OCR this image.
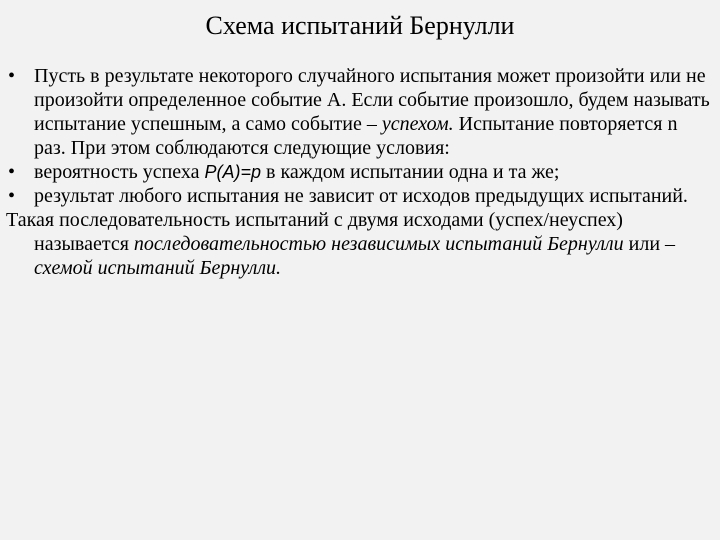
Схема испытаний Бернулли
• Пусть в результате некоторого случайного испытания может произойти или не произойти определенное событие А. Если событие произошло, будем называть испытание успешным, а само событие – успехом. Испытание повторяется n раз. При этом соблюдаются следующие условия:
• вероятность успеха P(A)=p в каждом испытании одна и та же;
• результат любого испытания не зависит от исходов предыдущих испытаний.
Такая последовательность испытаний с двумя исходами (успех/неуспех) называется последовательностью независимых испытаний Бернулли или – схемой испытаний Бернулли.
